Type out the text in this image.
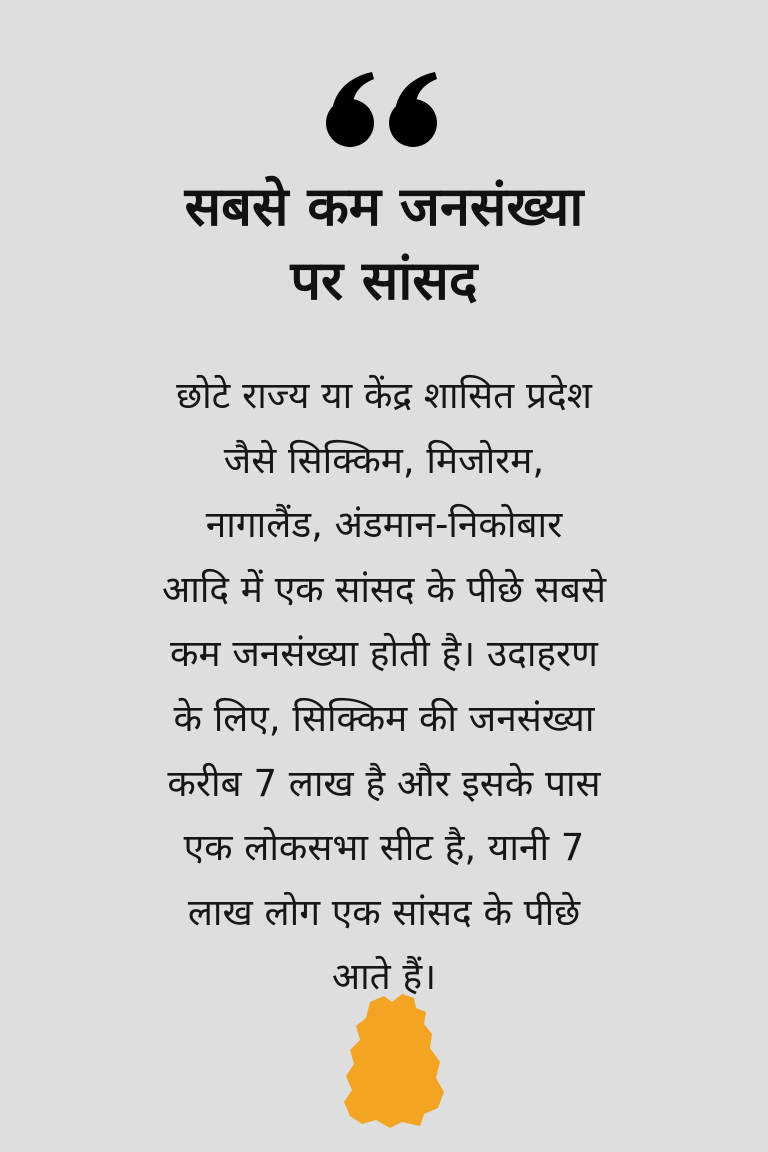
सबसे कम जनसंख्या
पर सांसद
छोटे राज्य या केंद्र शासित प्रदेश
जैसे सिक्किम, मिजोरम,
नागालैंड, अंडमान-निकोबार
आदि में एक सांसद के पीछे सबसे
कम जनसंख्या होती है। उदाहरण
के लिए, सिक्किम की जनसंख्या
करीब 7 लाख है और इसके पास
एक लोकसभा सीट है, यानी 7
लाख लोग एक सांसद के पीछे
आते हैं।
